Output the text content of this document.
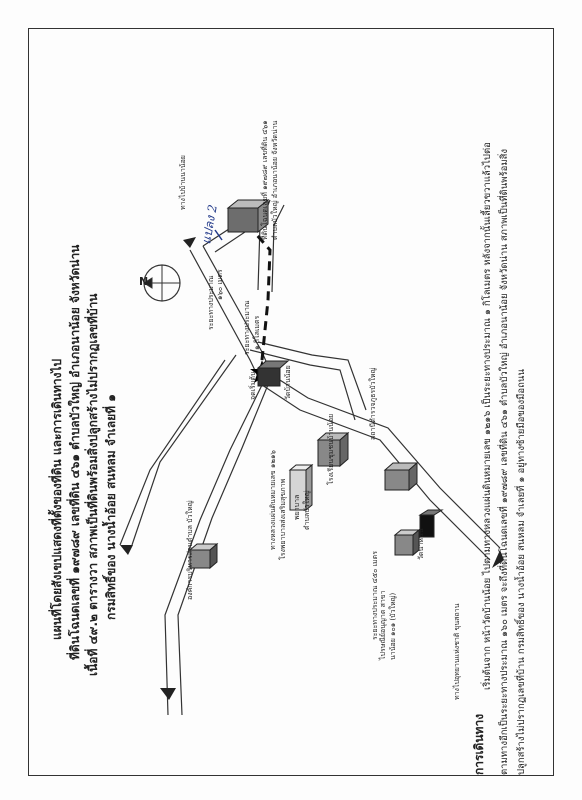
แผนที่โดยสังเขปแสดงที่ตั้งของที่ดิน และการเดินทางไป ที่ดินโฉนดเลขที่ ๑๙๗๘๙ เลขที่ดิน ๔๖๑ ตำบลบัวใหญ่ อำเภอนาน้อย จังหวัดน่าน เนื้อที่ ๔๙.๒ ตารางวา สภาพเป็นที่ดินพร้อมสิ่งปลูกสร้างไม่ปรากฏเลขที่บ้าน กรมสิทธิ์ของ นางน้ำอ้อย สนหลม จำเลยที่ ๑
การเดินทาง
เริ่มต้นจาก หน้าวัดบ้านน้อย ไปตามทางหลวงแผ่นดินหมายเลข ๑๒๑๖ เป็นระยะทางประมาณ ๑ กิโลเมตร หลังจากนั้นเลี้ยวขวาแล้วไปต่อ ตามทางอีกเป็นระยะทางประมาณ ๑๖๐ เมตร จะถึงที่ดินโฉนดเลขที่ ๑๙๗๘๙ เลขที่ดิน ๔๖๑ ตำบลบัวใหญ่ อำเภอนาน้อย จังหวัดน่าน สภาพเป็นที่ดินพร้อมสิ่ง ปลูกสร้างไม่ปรากฏเลขที่บ้าน กรมสิทธิ์ของ นางน้ำอ้อย สนหลม จำเลยที่ ๑ อยู่ทางซ้ายมือของมือถนน
ทางไปบ้านนาน้อย	ที่ดินโฉนดเลขที่ ๑๙๗๘๙ เลขที่ดิน ๔๖๑ ตำบลบัวใหญ่ อำเภอนาน้อย จังหวัดน่าน
ระยะทางประมาณ ๑๖๐ เมตร
ระยะทางประมาณ ๑ กิโลเมตร
จุดเริ่มต้น	วัดบ้านน้อย	สถานีตำรวจภูธรบัวใหญ่
โรงเรียนชุมชนบ้านน้อย
พยาบาล ตำบลบัวใหญ่
ทางหลวงแผ่นดินหมายเลข ๑๒๑๖ โรงพยาบาลส่งเสริมสุขภาพ
ระยะทางประมาณ ๔๕๐ เมตร
วัดนาหนน
ไปรษณีย์อนุญาต สาขา นาน้อย ๑๐๑ (บัวใหญ่)
องค์การบริหารส่วนตำบล บัวใหญ่
ทางไปอุทยานแห่งชาติ ขุนสถาน
N
แปลง 2
